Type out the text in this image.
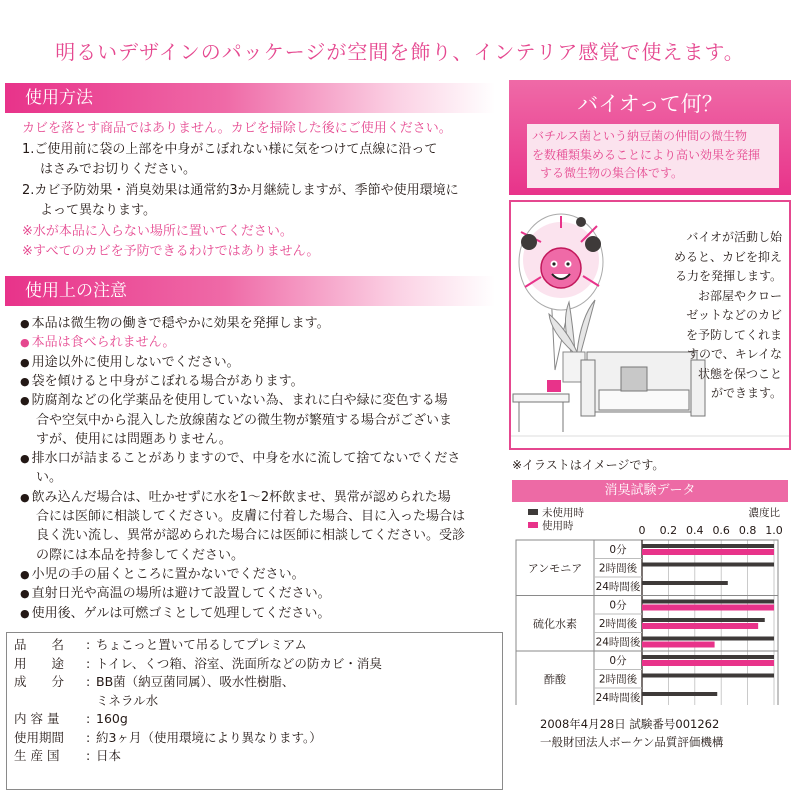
明るいデザインのパッケージが空間を飾り、インテリア感覚で使えます。
使用方法
カビを落とす商品ではありません。カビを掃除した後にご使用ください。
1.ご使用前に袋の上部を中身がこぼれない様に気をつけて点線に沿って
はさみでお切りください。
2.カビ予防効果・消臭効果は通常約3か月継続しますが、季節や使用環境に
よって異なります。
※水が本品に入らない場所に置いてください。
※すべてのカビを予防できるわけではありません。
使用上の注意
● 本品は微生物の働きで穏やかに効果を発揮します。
● 本品は食べられません。
● 用途以外に使用しないでください。
● 袋を傾けると中身がこぼれる場合があります。
● 防腐剤などの化学薬品を使用していない為、まれに白や緑に変色する場
合や空気中から混入した放線菌などの微生物が繁殖する場合がございま
すが、使用には問題ありません。
● 排水口が詰まることがありますので、中身を水に流して捨てないでくださ
い。
● 飲み込んだ場合は、吐かせずに水を1～2杯飲ませ、異常が認められた場
合には医師に相談してください。皮膚に付着した場合、目に入った場合は
良く洗い流し、異常が認められた場合には医師に相談してください。受診
の際には本品を持参してください。
● 小児の手の届くところに置かないでください。
● 直射日光や高温の場所は避けて設置してください。
● 使用後、ゲルは可燃ゴミとして処理してください。
品　　名	: ちょこっと置いて吊るしてプレミアム
用　　途	: トイレ、くつ箱、浴室、洗面所などの防カビ・消臭
成　　分	: BB菌（納豆菌同属）、吸水性樹脂、
ミネラル水
内 容 量	: 160g
使用期間	: 約3ヶ月（使用環境により異なります。）
生 産 国	: 日本
バイオって何？
バチルス菌という納豆菌の仲間の微生物
を数種類集めることにより高い効果を発揮
する微生物の集合体です。
バイオが活動し始
めると、カビを抑え
る力を発揮します。
お部屋やクロー
ゼットなどのカビ
を予防してくれま
すので、キレイな
状態を保つこと
ができます。
※イラストはイメージです。
消臭試験データ
未使用時
使用時
濃度比
0 0.2 0.4 0.6 0.8 1.0
アンモニア
0分
2時間後
24時間後
硫化水素
0分
2時間後
24時間後
酢酸
0分
2時間後
24時間後
2008年4月28日 試験番号001262
一般財団法人ボーケン品質評価機構
